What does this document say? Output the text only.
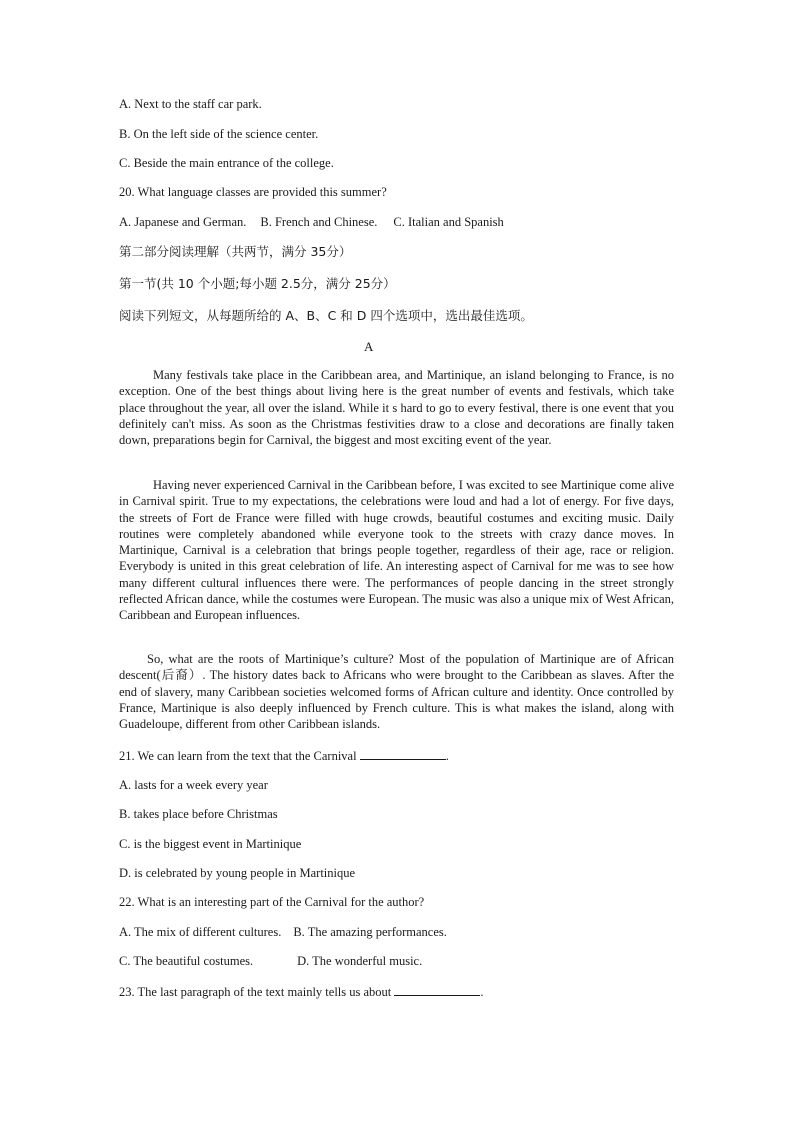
A. Next to the staff car park.
B. On the left side of the science center.
C. Beside the main entrance of the college.
20. What language classes are provided this summer?
A. Japanese and German. B. French and Chinese. C. Italian and Spanish
第二部分阅读理解（共两节，满分 35分）
第一节(共 10 个小题;每小题 2.5分，满分 25分）
阅读下列短文，从每题所给的 A、B、C 和 D 四个选项中，选出最佳选项。
A

Many festivals take place in the Caribbean area, and Martinique, an island belonging to France, is no exception. One of the best things about living here is the great number of events and festivals, which take place throughout the year, all over the island. While it s hard to go to every festival, there is one event that you definitely can't miss. As soon as the Christmas festivities draw to a close and decorations are finally taken down, preparations begin for Carnival, the biggest and most exciting event of the year.

Having never experienced Carnival in the Caribbean before, I was excited to see Martinique come alive in Carnival spirit. True to my expectations, the celebrations were loud and had a lot of energy. For five days, the streets of Fort de France were filled with huge crowds, beautiful costumes and exciting music. Daily routines were completely abandoned while everyone took to the streets with crazy dance moves. In Martinique, Carnival is a celebration that brings people together, regardless of their age, race or religion. Everybody is united in this great celebration of life. An interesting aspect of Carnival for me was to see how many different cultural influences there were. The performances of people dancing in the street strongly reflected African dance, while the costumes were European. The music was also a unique mix of West African, Caribbean and European influences.

So, what are the roots of Martinique’s culture? Most of the population of Martinique are of African descent(后裔）. The history dates back to Africans who were brought to the Caribbean as slaves. After the end of slavery, many Caribbean societies welcomed forms of African culture and identity. Once controlled by France, Martinique is also deeply influenced by French culture. This is what makes the island, along with Guadeloupe, different from other Caribbean islands.

21. We can learn from the text that the Carnival	.
A. lasts for a week every year
B. takes place before Christmas
C. is the biggest event in Martinique
D. is celebrated by young people in Martinique
22. What is an interesting part of the Carnival for the author?
A. The mix of different cultures. B. The amazing performances.
C. The beautiful costumes.	D. The wonderful music.
23. The last paragraph of the text mainly tells us about	.
